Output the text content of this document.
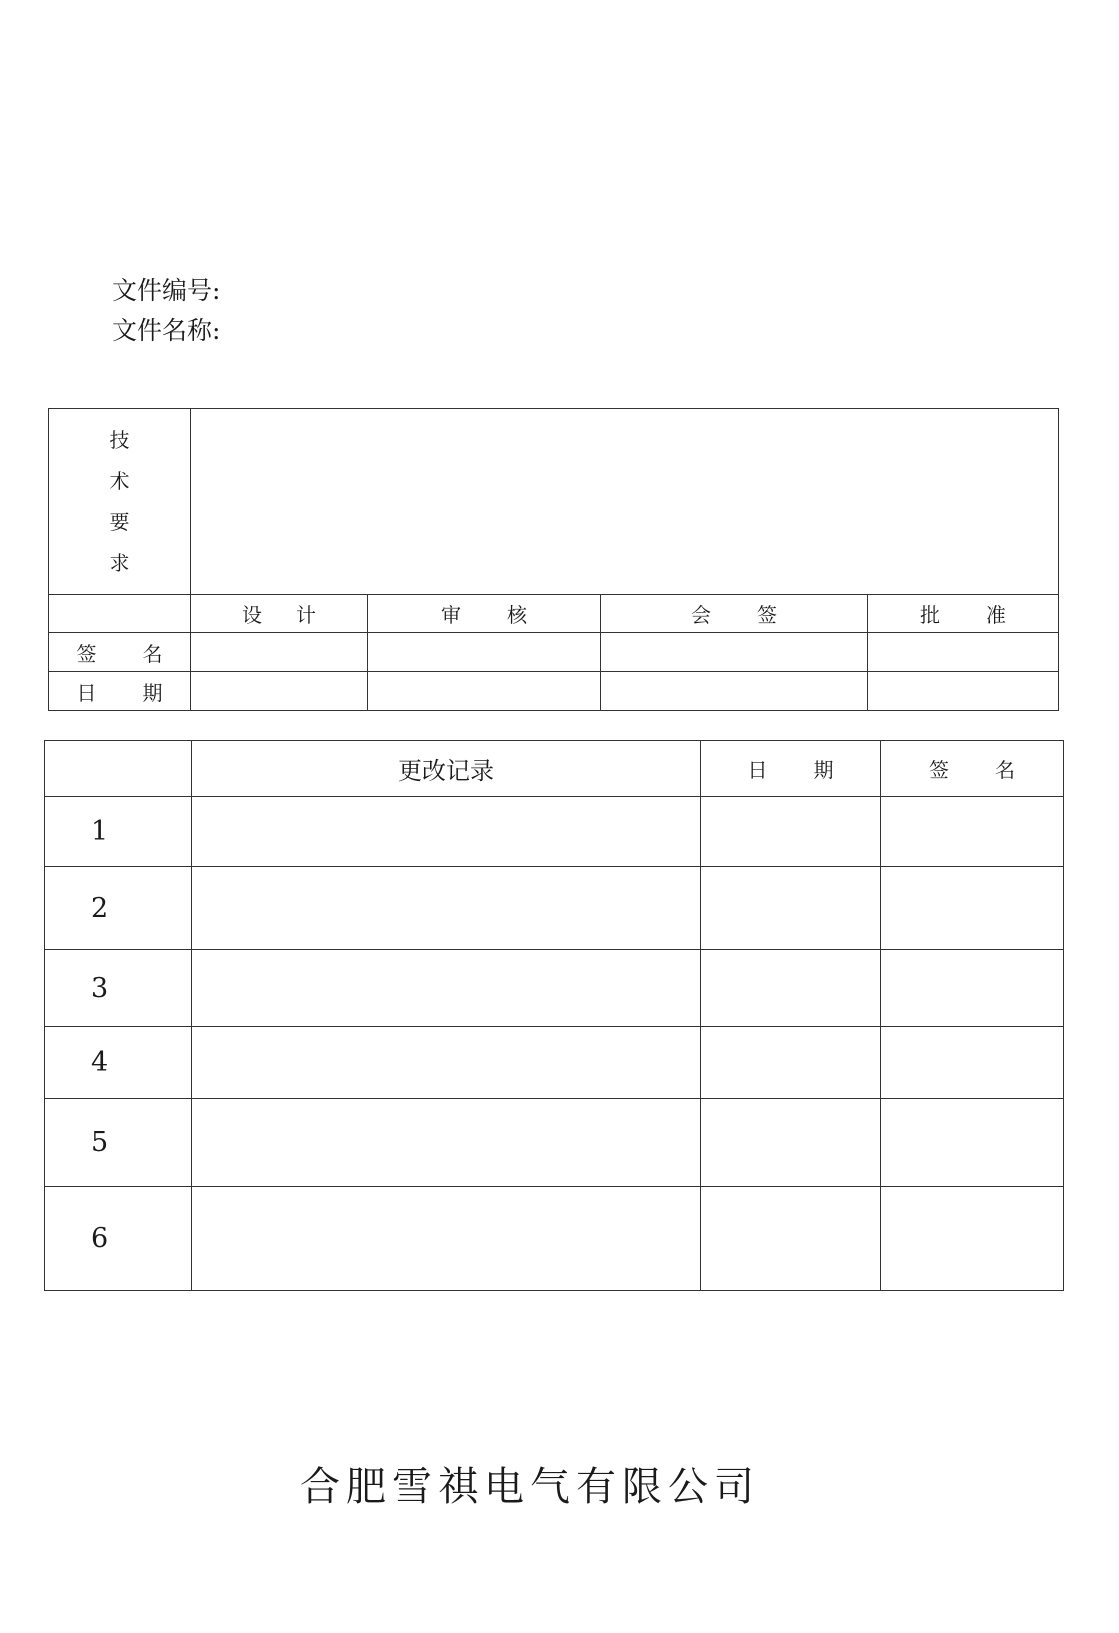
文件编号:
文件名称:
技
术
要
求				

	设 计	审 核	会 签	批 准
签 名				
日 期				
	更改记录	日 期	签 名
1			
2			
3			
4			
5			
6			
合肥雪祺电气有限公司
